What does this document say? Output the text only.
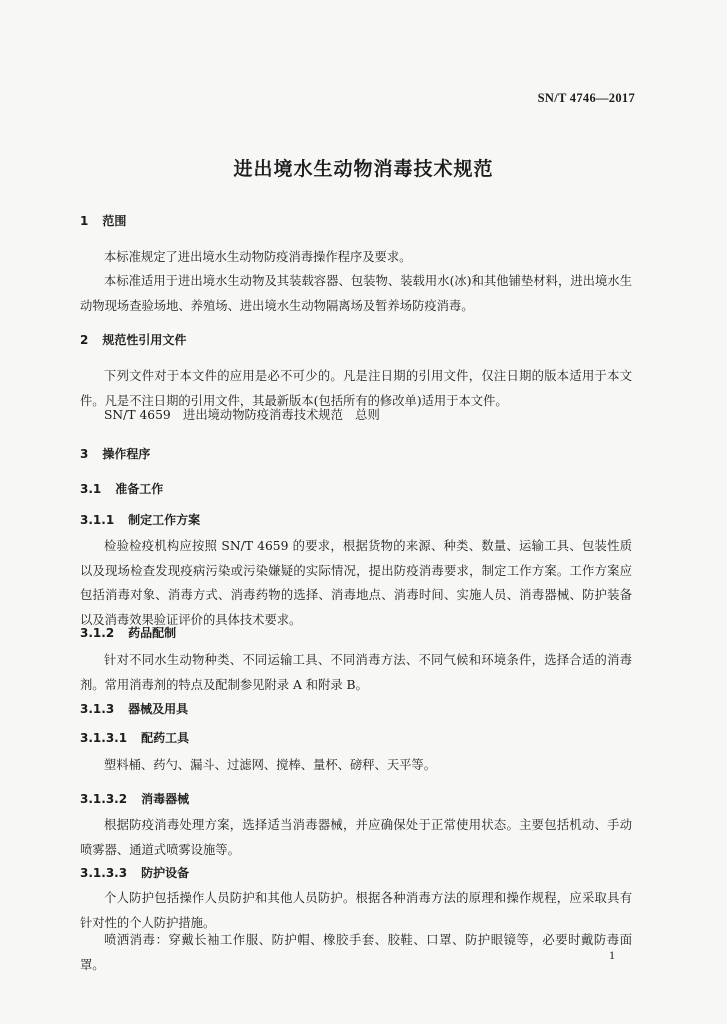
SN/T 4746—2017
进出境水生动物消毒技术规范
1 范围

本标准规定了进出境水生动物防疫消毒操作程序及要求。

本标准适用于进出境水生动物及其装载容器、包装物、装载用水(冰)和其他铺垫材料，进出境水生动物现场查验场地、养殖场、进出境水生动物隔离场及暂养场防疫消毒。

2 规范性引用文件

下列文件对于本文件的应用是必不可少的。凡是注日期的引用文件，仅注日期的版本适用于本文件。凡是不注日期的引用文件，其最新版本(包括所有的修改单)适用于本文件。

SN/T 4659　进出境动物防疫消毒技术规范　总则

3 操作程序
3.1 准备工作
3.1.1 制定工作方案

检验检疫机构应按照 SN/T 4659 的要求，根据货物的来源、种类、数量、运输工具、包装性质以及现场检查发现疫病污染或污染嫌疑的实际情况，提出防疫消毒要求，制定工作方案。工作方案应包括消毒对象、消毒方式、消毒药物的选择、消毒地点、消毒时间、实施人员、消毒器械、防护装备以及消毒效果验证评价的具体技术要求。

3.1.2 药品配制

针对不同水生动物种类、不同运输工具、不同消毒方法、不同气候和环境条件，选择合适的消毒剂。常用消毒剂的特点及配制参见附录 A 和附录 B。

3.1.3 器械及用具
3.1.3.1 配药工具

塑料桶、药勺、漏斗、过滤网、搅棒、量杯、磅秤、天平等。

3.1.3.2 消毒器械

根据防疫消毒处理方案，选择适当消毒器械，并应确保处于正常使用状态。主要包括机动、手动喷雾器、通道式喷雾设施等。

3.1.3.3 防护设备

个人防护包括操作人员防护和其他人员防护。根据各种消毒方法的原理和操作规程，应采取具有针对性的个人防护措施。

喷洒消毒：穿戴长袖工作服、防护帽、橡胶手套、胶鞋、口罩、防护眼镜等，必要时戴防毒面罩。

1
